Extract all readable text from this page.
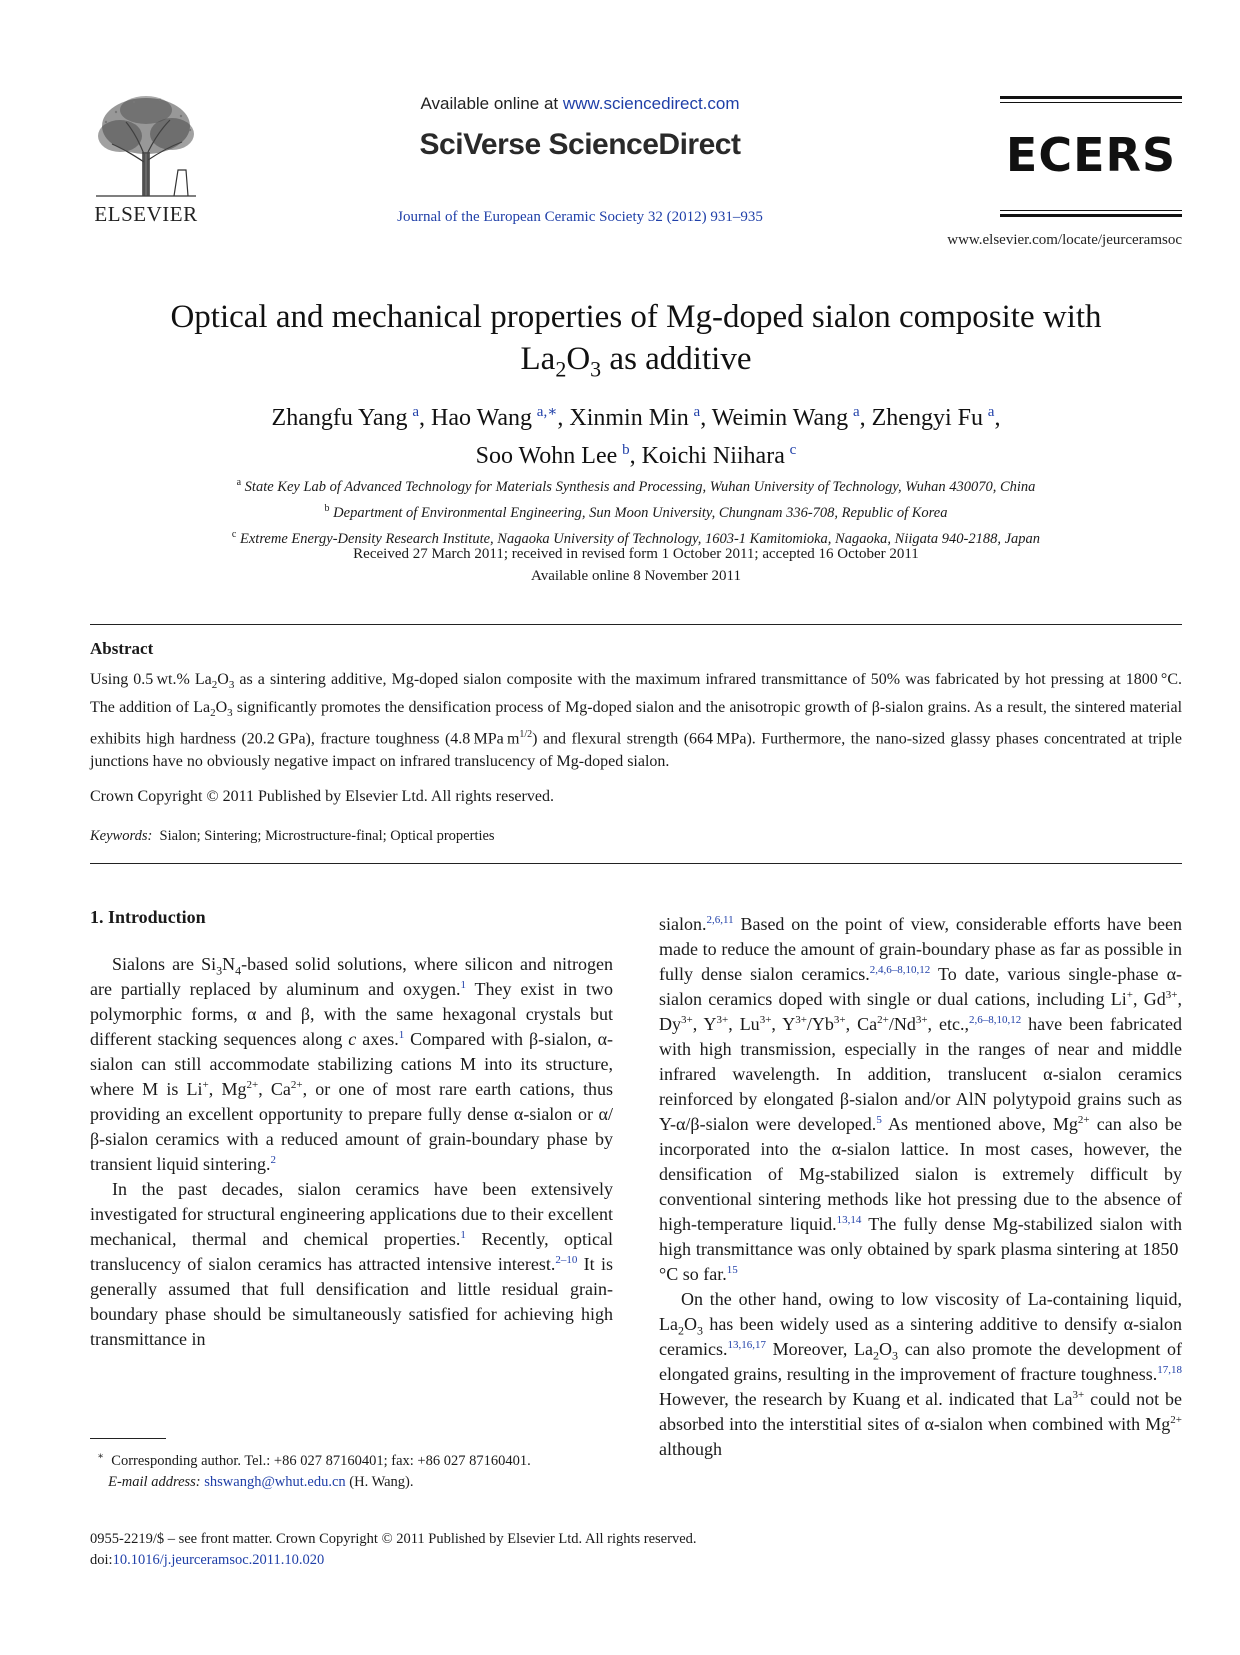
ELSEVIER
Available online at www.sciencedirect.com
SciVerse ScienceDirect
Journal of the European Ceramic Society 32 (2012) 931–935
ECERS
www.elsevier.com/locate/jeurceramsoc
Optical and mechanical properties of Mg-doped sialon composite with
$La_2O_3$ as additive
Zhangfu Yang  $^a$, Hao Wang  $^{a,∗}$, Xinmin Min  $^a$, Weimin Wang  $^a$, Zhengyi Fu  $^a$,
Soo Wohn Lee  $^b$, Koichi Niihara  $^c$
$^a$ State Key Lab of Advanced Technology for Materials Synthesis and Processing, Wuhan University of Technology, Wuhan 430070, China
$^b$ Department of Environmental Engineering, Sun Moon University, Chungnam 336-708, Republic of Korea
$^c$ Extreme Energy-Density Research Institute, Nagaoka University of Technology, 1603-1 Kamitomioka, Nagaoka, Niigata 940-2188, Japan
Received 27 March 2011; received in revised form 1 October 2011; accepted 16 October 2011
Available online 8 November 2011
Abstract
Using 0.5 wt.% $La_2O_3$ as a sintering additive, Mg-doped sialon composite with the maximum infrared transmittance of 50% was fabricated by hot pressing at 1800 °C. The addition of $La_2O_3$ significantly promotes the densification process of Mg-doped sialon and the anisotropic growth of β-sialon grains. As a result, the sintered material exhibits high hardness (20.2 GPa), fracture toughness (4.8 MPa $m^{1/2}$) and flexural strength (664 MPa). Furthermore, the nano-sized glassy phases concentrated at triple junctions have no obviously negative impact on infrared translucency of Mg-doped sialon.
Crown Copyright © 2011 Published by Elsevier Ltd. All rights reserved.
Keywords: Sialon; Sintering; Microstructure-final; Optical properties
1. Introduction

Sialons are $Si_3N_4$-based solid solutions, where silicon and nitrogen are partially replaced by aluminum and oxygen.$^1$ They exist in two polymorphic forms, α and β, with the same hexagonal crystals but different stacking sequences along c axes.$^1$ Compared with β-sialon, α-sialon can still accommodate stabilizing cations M into its structure, where M is Li+, $Mg^{2+}$, $Ca^{2+}$, or one of most rare earth cations, thus providing an excellent opportunity to prepare fully dense α-sialon or α/β-sialon ceramics with a reduced amount of grain-boundary phase by transient liquid sintering.$^2$

In the past decades, sialon ceramics have been extensively investigated for structural engineering applications due to their excellent mechanical, thermal and chemical properties.$^1$ Recently, optical translucency of sialon ceramics has attracted intensive interest.$^{2-10}$ It is generally assumed that full densification and little residual grain-boundary phase should be simultaneously satisfied for achieving high transmittance in

sialon.$^{2,6,11}$ Based on the point of view, considerable efforts have been made to reduce the amount of grain-boundary phase as far as possible in fully dense sialon ceramics.$^{2,4,6-8,10,12}$ To date, various single-phase α-sialon ceramics doped with single or dual cations, including Li+, $Gd^{3+}$, $Dy^{3+}$, $Y^{3+}$, $Lu^{3+}$, $Y^{3+}/Yb^{3+}$, $Ca^{2+}/Nd^{3+}$, etc.,$^{2,6-8,10,12}$ have been fabricated with high transmission, especially in the ranges of near and middle infrared wavelength. In addition, translucent α-sialon ceramics reinforced by elongated β-sialon and/or AlN polytypoid grains such as Y-α/β-sialon were developed.$^5$ As mentioned above, $Mg^{2+}$ can also be incorporated into the α-sialon lattice. In most cases, however, the densification of Mg-stabilized sialon is extremely difficult by conventional sintering methods like hot pressing due to the absence of high-temperature liquid.$^{13,14}$ The fully dense Mg-stabilized sialon with high transmittance was only obtained by spark plasma sintering at 1850 °C so far.$^{15}$

On the other hand, owing to low viscosity of La-containing liquid, $La_2O_3$ has been widely used as a sintering additive to densify α-sialon ceramics.$^{13,16,17}$ Moreover, $La_2O_3$ can also promote the development of elongated grains, resulting in the improvement of fracture toughness.$^{17,18}$ However, the research by Kuang et al. indicated that $La^{3+}$ could not be absorbed into the interstitial sites of α-sialon when combined with $Mg^{2+}$ although

∗ Corresponding author. Tel.: +86 027 87160401; fax: +86 027 87160401.
E-mail address: shswangh@whut.edu.cn (H. Wang).
0955-2219/$ – see front matter. Crown Copyright © 2011 Published by Elsevier Ltd. All rights reserved.
doi:10.1016/j.jeurceramsoc.2011.10.020
